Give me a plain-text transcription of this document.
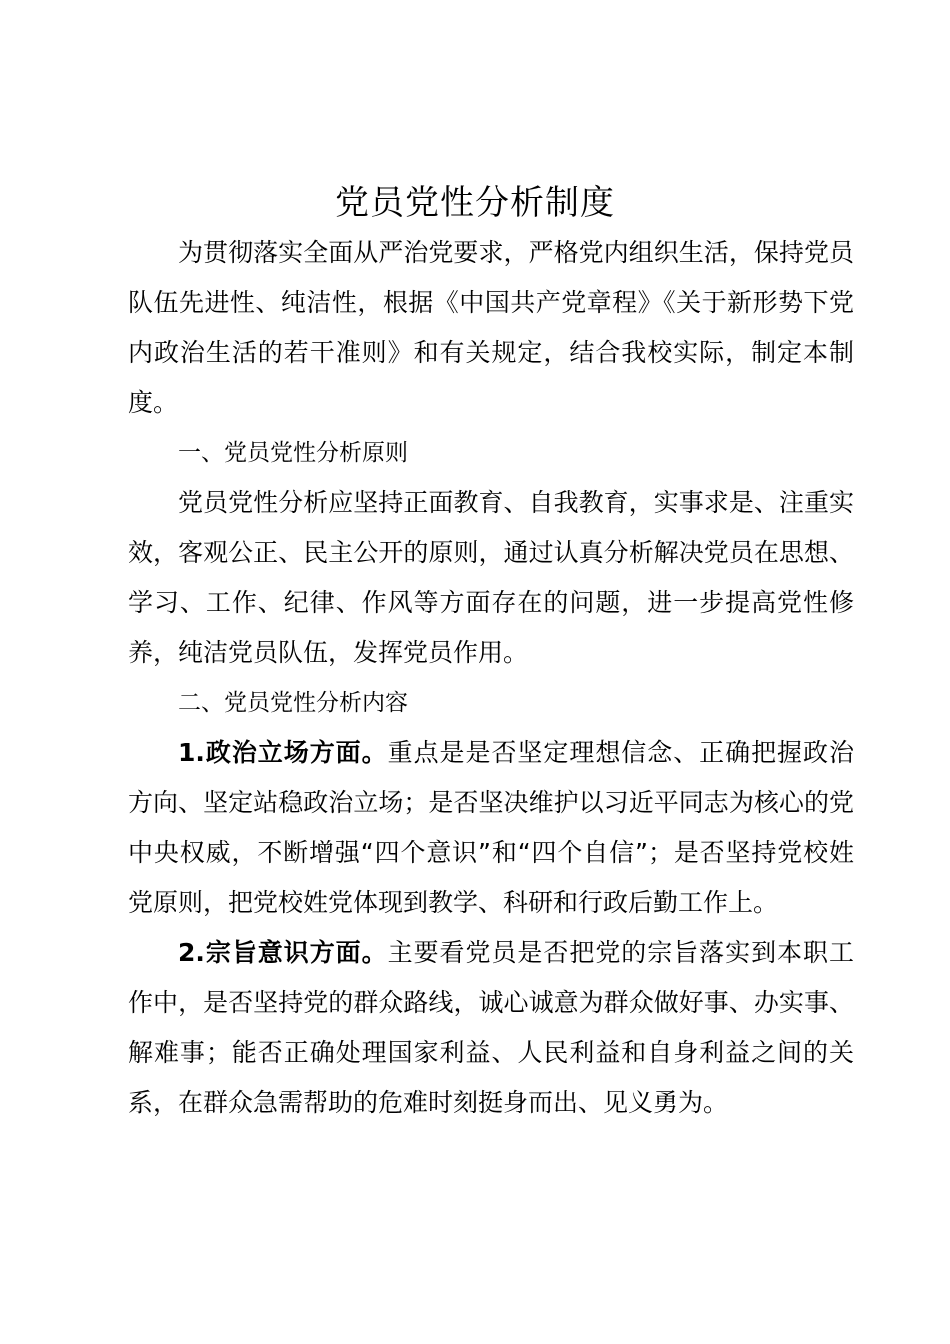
党员党性分析制度

为贯彻落实全面从严治党要求，严格党内组织生活，保持党员队伍先进性、纯洁性，根据《中国共产党章程》《关于新形势下党内政治生活的若干准则》和有关规定，结合我校实际，制定本制度。

一、党员党性分析原则

党员党性分析应坚持正面教育、自我教育，实事求是、注重实效，客观公正、民主公开的原则，通过认真分析解决党员在思想、学习、工作、纪律、作风等方面存在的问题，进一步提高党性修养，纯洁党员队伍，发挥党员作用。

二、党员党性分析内容

1.政治立场方面。重点是是否坚定理想信念、正确把握政治方向、坚定站稳政治立场；是否坚决维护以习近平同志为核心的党中央权威，不断增强“四个意识”和“四个自信”；是否坚持党校姓党原则，把党校姓党体现到教学、科研和行政后勤工作上。

2.宗旨意识方面。主要看党员是否把党的宗旨落实到本职工作中，是否坚持党的群众路线，诚心诚意为群众做好事、办实事、解难事；能否正确处理国家利益、人民利益和自身利益之间的关系，在群众急需帮助的危难时刻挺身而出、见义勇为。
